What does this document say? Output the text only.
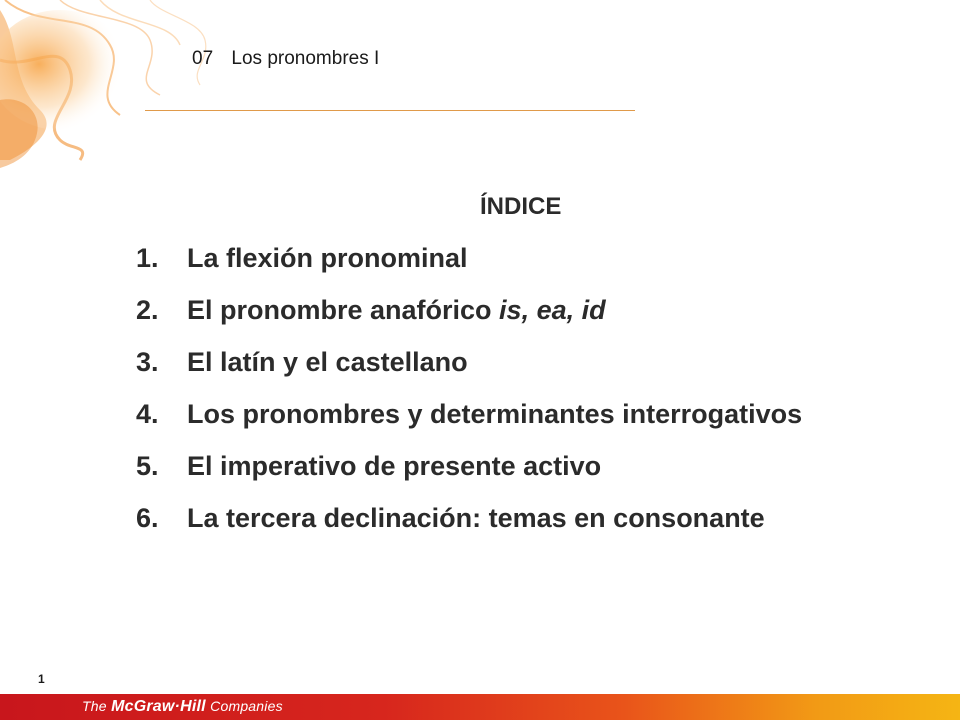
07 Los pronombres I
ÍNDICE
1. La flexión pronominal
2. El pronombre anafórico is, ea, id
3. El latín y el castellano
4. Los pronombres y determinantes interrogativos
5. El imperativo de presente activo
6. La tercera declinación: temas en consonante
1
The McGraw·Hill Companies
